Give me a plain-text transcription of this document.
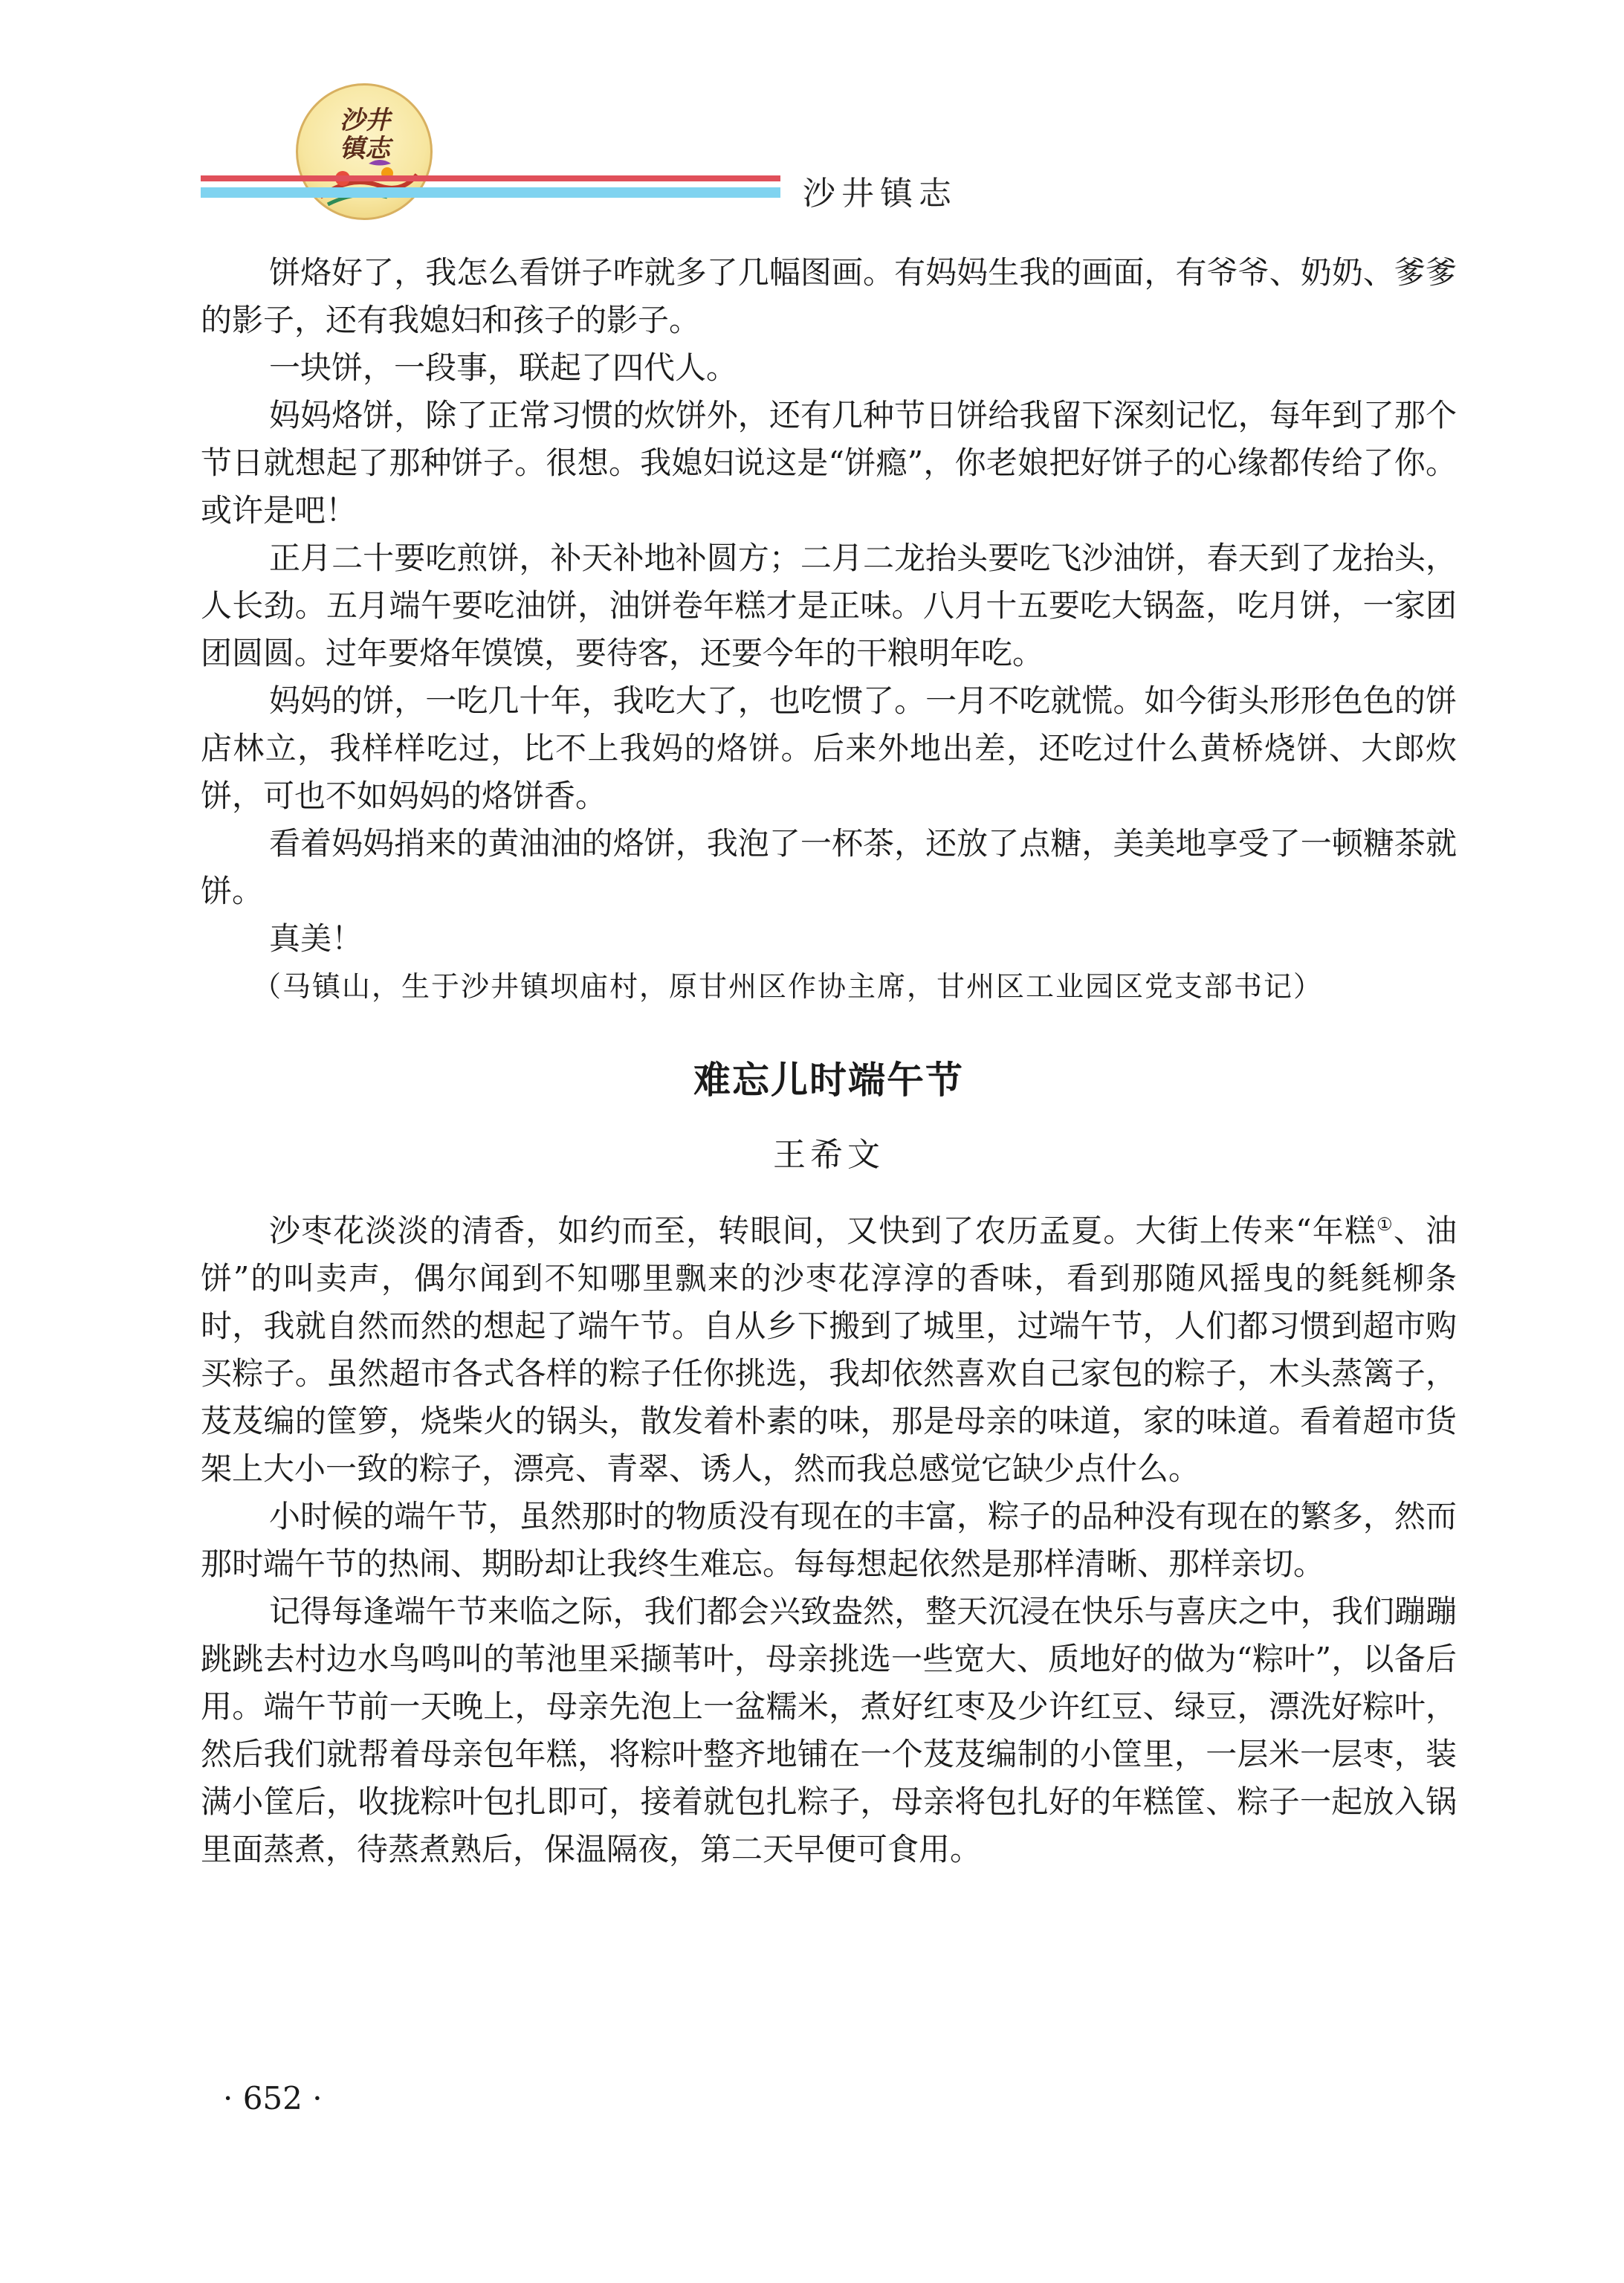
沙井
镇志
沙井镇志

饼烙好了，我怎么看饼子咋就多了几幅图画。有妈妈生我的画面，有爷爷、奶奶、爹爹的影子，还有我媳妇和孩子的影子。

一块饼，一段事，联起了四代人。

妈妈烙饼，除了正常习惯的炊饼外，还有几种节日饼给我留下深刻记忆，每年到了那个节日就想起了那种饼子。很想。我媳妇说这是“饼瘾”，你老娘把好饼子的心缘都传给了你。或许是吧！

正月二十要吃煎饼，补天补地补圆方；二月二龙抬头要吃飞沙油饼，春天到了龙抬头，人长劲。五月端午要吃油饼，油饼卷年糕才是正味。八月十五要吃大锅盔，吃月饼，一家团团圆圆。过年要烙年馍馍，要待客，还要今年的干粮明年吃。

妈妈的饼，一吃几十年，我吃大了，也吃惯了。一月不吃就慌。如今街头形形色色的饼店林立，我样样吃过，比不上我妈的烙饼。后来外地出差，还吃过什么黄桥烧饼、大郎炊饼，可也不如妈妈的烙饼香。

看着妈妈捎来的黄油油的烙饼，我泡了一杯茶，还放了点糖，美美地享受了一顿糖茶就饼。

真美！

（马镇山，生于沙井镇坝庙村，原甘州区作协主席，甘州区工业园区党支部书记）

难忘儿时端午节
王希文

沙枣花淡淡的清香，如约而至，转眼间，又快到了农历孟夏。大街上传来“年糕①、油饼”的叫卖声，偶尔闻到不知哪里飘来的沙枣花淳淳的香味，看到那随风摇曳的毵毵柳条时，我就自然而然的想起了端午节。自从乡下搬到了城里，过端午节，人们都习惯到超市购买粽子。虽然超市各式各样的粽子任你挑选，我却依然喜欢自己家包的粽子，木头蒸篱子，芨芨编的筐箩，烧柴火的锅头，散发着朴素的味，那是母亲的味道，家的味道。看着超市货架上大小一致的粽子，漂亮、青翠、诱人，然而我总感觉它缺少点什么。

小时候的端午节，虽然那时的物质没有现在的丰富，粽子的品种没有现在的繁多，然而那时端午节的热闹、期盼却让我终生难忘。每每想起依然是那样清晰、那样亲切。

记得每逢端午节来临之际，我们都会兴致盎然，整天沉浸在快乐与喜庆之中，我们蹦蹦跳跳去村边水鸟鸣叫的苇池里采撷苇叶，母亲挑选一些宽大、质地好的做为“粽叶”，以备后用。端午节前一天晚上，母亲先泡上一盆糯米，煮好红枣及少许红豆、绿豆，漂洗好粽叶，然后我们就帮着母亲包年糕，将粽叶整齐地铺在一个芨芨编制的小筐里，一层米一层枣，装满小筐后，收拢粽叶包扎即可，接着就包扎粽子，母亲将包扎好的年糕筐、粽子一起放入锅里面蒸煮，待蒸煮熟后，保温隔夜，第二天早便可食用。

· 652 ·
